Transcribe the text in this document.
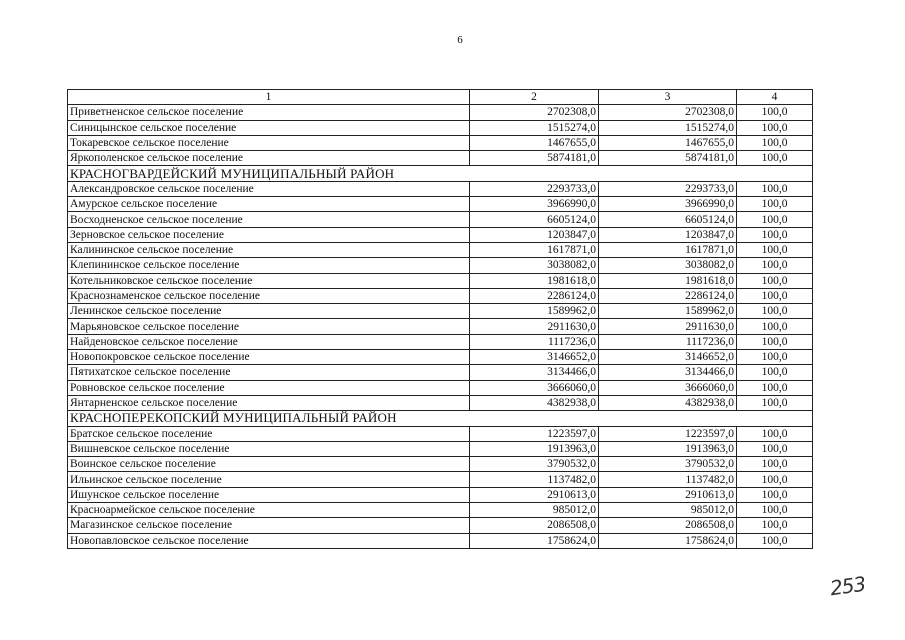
6
1	2	3	4
Приветненское сельское поселение	2702308,0	2702308,0	100,0
Синицынское сельское поселение	1515274,0	1515274,0	100,0
Токаревское сельское поселение	1467655,0	1467655,0	100,0
Яркополенское сельское поселение	5874181,0	5874181,0	100,0
КРАСНОГВАРДЕЙСКИЙ МУНИЦИПАЛЬНЫЙ РАЙОН			
Александровское сельское поселение	2293733,0	2293733,0	100,0
Амурское сельское поселение	3966990,0	3966990,0	100,0
Восходненское сельское поселение	6605124,0	6605124,0	100,0
Зерновское сельское поселение	1203847,0	1203847,0	100,0
Калининское сельское поселение	1617871,0	1617871,0	100,0
Клепининское сельское поселение	3038082,0	3038082,0	100,0
Котельниковское сельское поселение	1981618,0	1981618,0	100,0
Краснознаменское сельское поселение	2286124,0	2286124,0	100,0
Ленинское сельское поселение	1589962,0	1589962,0	100,0
Марьяновское сельское поселение	2911630,0	2911630,0	100,0
Найденовское сельское поселение	1117236,0	1117236,0	100,0
Новопокровское сельское поселение	3146652,0	3146652,0	100,0
Пятихатское сельское поселение	3134466,0	3134466,0	100,0
Ровновское сельское поселение	3666060,0	3666060,0	100,0
Янтарненское сельское поселение	4382938,0	4382938,0	100,0
КРАСНОПЕРЕКОПСКИЙ МУНИЦИПАЛЬНЫЙ РАЙОН			
Братское сельское поселение	1223597,0	1223597,0	100,0
Вишневское сельское поселение	1913963,0	1913963,0	100,0
Воинское сельское поселение	3790532,0	3790532,0	100,0
Ильинское сельское поселение	1137482,0	1137482,0	100,0
Ишунское сельское поселение	2910613,0	2910613,0	100,0
Красноармейское сельское поселение	985012,0	985012,0	100,0
Магазинское сельское поселение	2086508,0	2086508,0	100,0
Новопавловское сельское поселение	1758624,0	1758624,0	100,0
253
